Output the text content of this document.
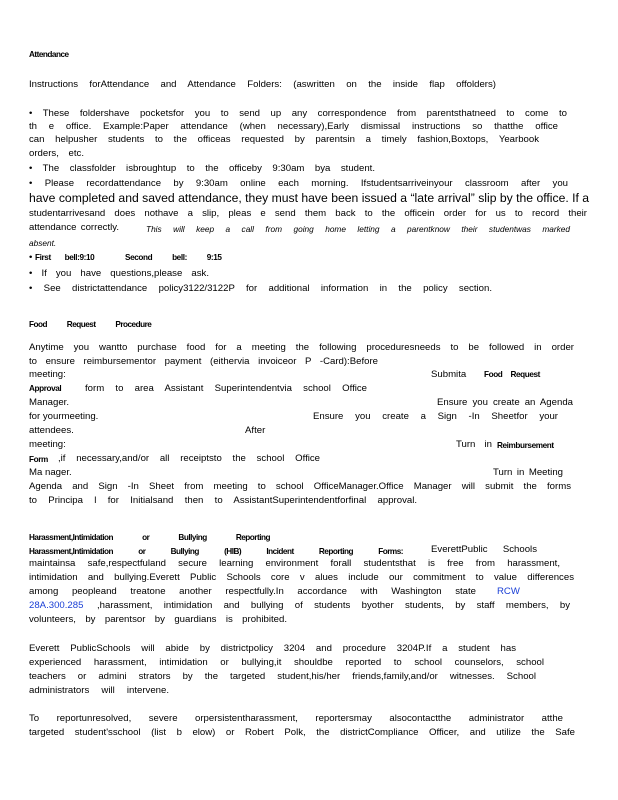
Attendance
Instructions forAttendance and Attendance Folders: (aswritten on the inside flap offolders)
• These foldershave pocketsfor you to send up any correspondence from parentsthatneed to come to
th e office. Example:Paper attendance (when necessary),Early dismissal instructions so thatthe office
can helpusher students to the officeas requested by parentsin a timely fashion,Boxtops, Yearbook
orders, etc.
• The classfolder isbroughtup to the officeby 9:30am bya student.
• Please recordattendance by 9:30am online each morning. Ifstudentsarriveinyour classroom after you
have completed and saved attendance, they must have been issued a “late arrival” slip by the office. If a
studentarrivesand does nothave a slip, pleas e send them back to the officein order for us to record their
attendance correctly.	This will keep a call from going home letting a parentknow their studentwas marked
absent.
• First bell:9:10	Second bell: 9:15
• If you have questions,please ask.
• See districtattendance policy3122/3122P for additional information in the policy section.
Food Request Procedure
Anytime you wantto purchase food for a meeting the following proceduresneeds to be followed in order
to ensure reimbursementor payment (eithervia invoiceor P -Card):Before
meeting:	Submita	Food Request
Approval	form to area Assistant Superintendentvia school Office
Manager.	Ensure you create an Agenda
for yourmeeting.	Ensure you create a Sign -In Sheetfor your
attendees.	After
meeting:	Turn in Reimbursement
Form	,if necessary,and/or all receiptsto the school Office
Ma nager.	Turn in Meeting
Agenda and Sign -In Sheet from meeting to school OfficeManager.Office Manager will submit the forms
to Principa l for Initialsand then to AssistantSuperintendentforfinal approval.
Harassment,Intimidation or Bullying Reporting
Harassment,Intimidation or Bullying (HIB) Incident Reporting Forms:	EverettPublic Schools
maintainsa safe,respectfuland secure learning environment forall studentsthat is free from harassment,
intimidation and bullying.Everett Public Schools core v alues include our commitment to value differences
among peopleand treatone another respectfully.In accordance with Washington state RCW
28A.300.285	,harassment, intimidation and bullying of students byother students, by staff members, by
volunteers, by parentsor by guardians is prohibited.
Everett PublicSchools will abide by districtpolicy 3204 and procedure 3204P.If a student has
experienced harassment, intimidation or bullying,it shouldbe reported to school counselors, school
teachers or admini strators by the targeted student,his/her friends,family,and/or witnesses. School
administrators will intervene.
To reportunresolved, severe orpersistentharassment, reportersmay alsocontactthe administrator atthe
targeted student'sschool (list b elow) or Robert Polk, the districtCompliance Officer, and utilize the Safe
